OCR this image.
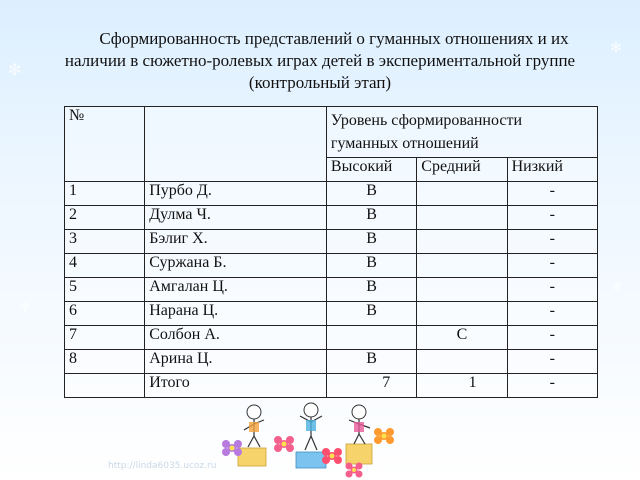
✻
✻
✻
✻
✻
Сформированность представлений о гуманных отношениях и их
наличии в сюжетно-ролевых играх детей в экспериментальной группе
(контрольный этап)
№		Уровень сформированности
гуманных отношений		

		Высокий	Средний	Низкий
1	Пурбо Д.	В		-
2	Дулма Ч.	В		-
3	Бэлиг Х.	В		-
4	Суржана Б.	В		-
5	Амгалан Ц.	В		-
6	Нарана Ц.	В		-
7	Солбон А.		С	-
8	Арина Ц.	В		-
	Итого	7	1	-
http://linda6035.ucoz.ru
